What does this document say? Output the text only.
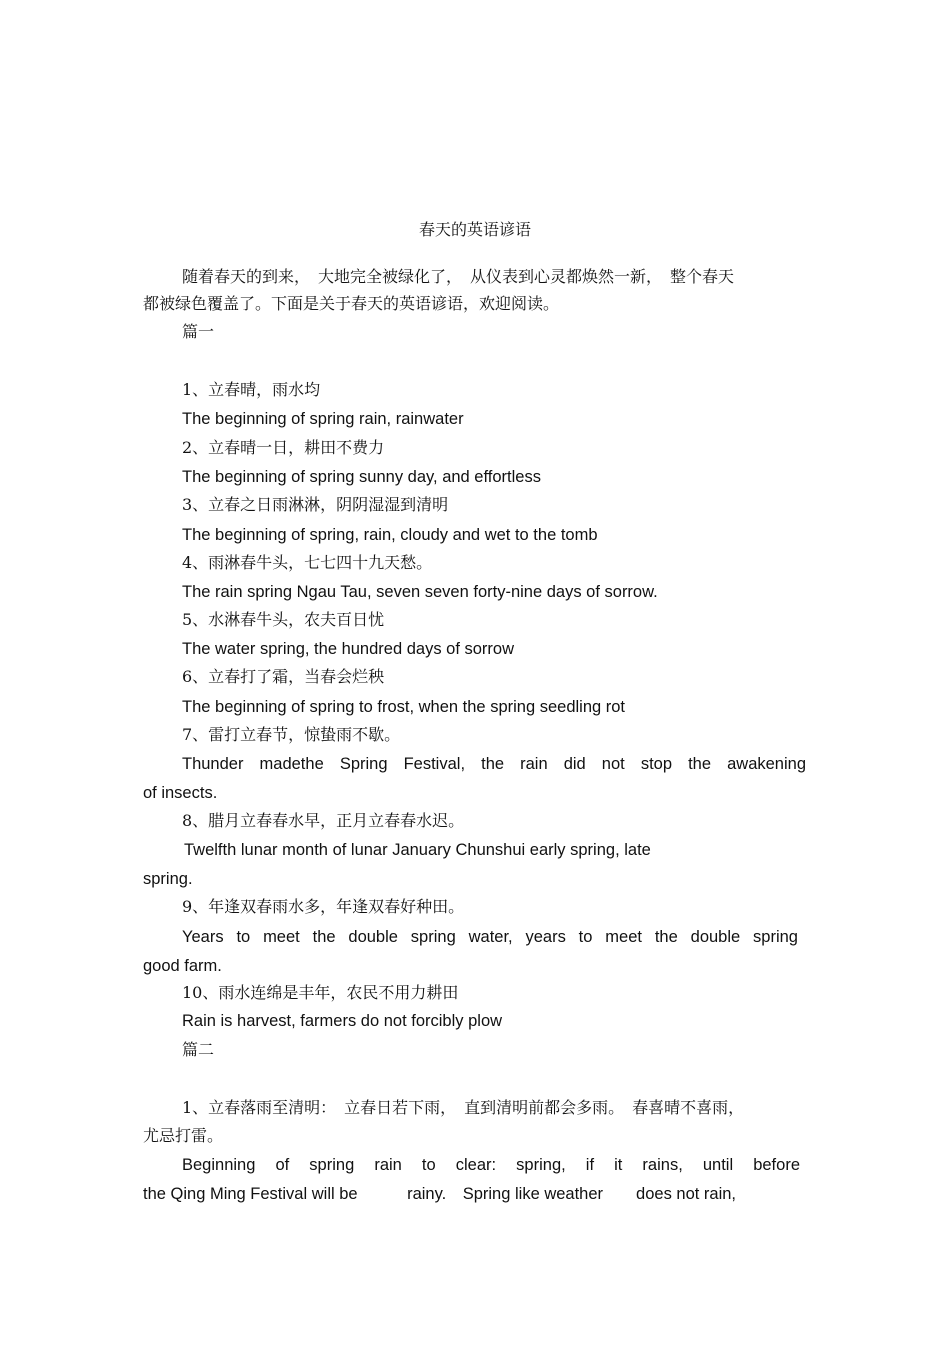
春天的英语谚语
随着春天的到来，　大地完全被绿化了，　从仪表到心灵都焕然一新，　整个春天
都被绿色覆盖了。下面是关于春天的英语谚语，欢迎阅读。
篇一
1、立春晴，雨水均
The beginning of spring rain, rainwater
2、立春晴一日，耕田不费力
The beginning of spring sunny day, and effortless
3、立春之日雨淋淋，阴阴湿湿到清明
The beginning of spring, rain, cloudy and wet to the tomb
4、雨淋春牛头，七七四十九天愁。
The rain spring Ngau Tau, seven seven forty-nine days of sorrow.
5、水淋春牛头，农夫百日忧
The water spring, the hundred days of sorrow
6、立春打了霜，当春会烂秧
The beginning of spring to frost, when the spring seedling rot
7、雷打立春节，惊蛰雨不歇。
Thunder madethe Spring Festival, the rain did not stop the awakening
of insects.
8、腊月立春春水早，正月立春春水迟。
Twelfth lunar month of lunar January Chunshui early spring, late
spring.
9、年逢双春雨水多，年逢双春好种田。
Years to meet the double spring water, years to meet the double spring
good farm.
10、雨水连绵是丰年，农民不用力耕田
Rain is harvest, farmers do not forcibly plow
篇二
1、立春落雨至清明：　立春日若下雨，　直到清明前都会多雨。　春喜晴不喜雨，
尤忌打雷。
Beginning of spring rain to clear: spring, if it rains, until before
the Qing Ming Festival will be　　　rainy.　Spring like weather　　does not rain,
